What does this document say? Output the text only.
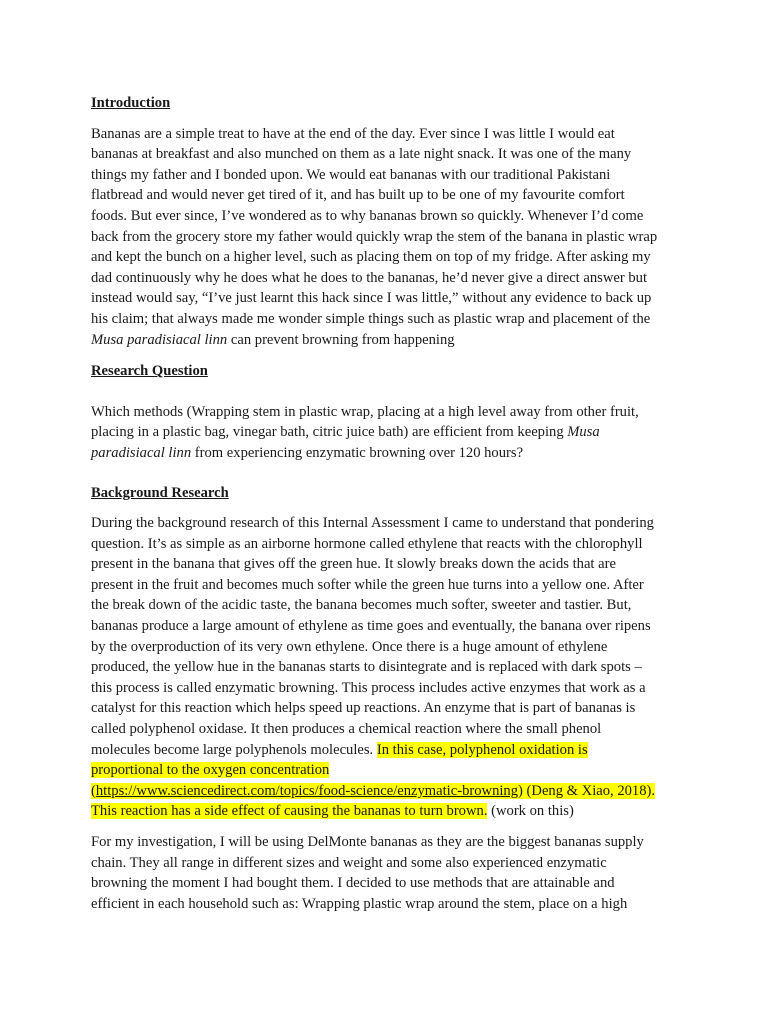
Introduction

Bananas are a simple treat to have at the end of the day. Ever since I was little I would eat
bananas at breakfast and also munched on them as a late night snack. It was one of the many
things my father and I bonded upon. We would eat bananas with our traditional Pakistani
flatbread and would never get tired of it, and has built up to be one of my favourite comfort
foods. But ever since, I’ve wondered as to why bananas brown so quickly. Whenever I’d come
back from the grocery store my father would quickly wrap the stem of the banana in plastic wrap
and kept the bunch on a higher level, such as placing them on top of my fridge. After asking my
dad continuously why he does what he does to the bananas, he’d never give a direct answer but
instead would say, “I’ve just learnt this hack since I was little,” without any evidence to back up
his claim; that always made me wonder simple things such as plastic wrap and placement of the
Musa paradisiacal linn can prevent browning from happening

Research Question

Which methods (Wrapping stem in plastic wrap, placing at a high level away from other fruit,
placing in a plastic bag, vinegar bath, citric juice bath) are efficient from keeping Musa
paradisiacal linn from experiencing enzymatic browning over 120 hours?

Background Research

During the background research of this Internal Assessment I came to understand that pondering
question. It’s as simple as an airborne hormone called ethylene that reacts with the chlorophyll
present in the banana that gives off the green hue. It slowly breaks down the acids that are
present in the fruit and becomes much softer while the green hue turns into a yellow one. After
the break down of the acidic taste, the banana becomes much softer, sweeter and tastier. But,
bananas produce a large amount of ethylene as time goes and eventually, the banana over ripens
by the overproduction of its very own ethylene. Once there is a huge amount of ethylene
produced, the yellow hue in the bananas starts to disintegrate and is replaced with dark spots –
this process is called enzymatic browning. This process includes active enzymes that work as a
catalyst for this reaction which helps speed up reactions. An enzyme that is part of bananas is
called polyphenol oxidase. It then produces a chemical reaction where the small phenol
molecules become large polyphenols molecules. In this case, polyphenol oxidation is
proportional to the oxygen concentration
(https://www.sciencedirect.com/topics/food-science/enzymatic-browning) (Deng & Xiao, 2018).
This reaction has a side effect of causing the bananas to turn brown. (work on this)

For my investigation, I will be using DelMonte bananas as they are the biggest bananas supply
chain. They all range in different sizes and weight and some also experienced enzymatic
browning the moment I had bought them. I decided to use methods that are attainable and
efficient in each household such as: Wrapping plastic wrap around the stem, place on a high
